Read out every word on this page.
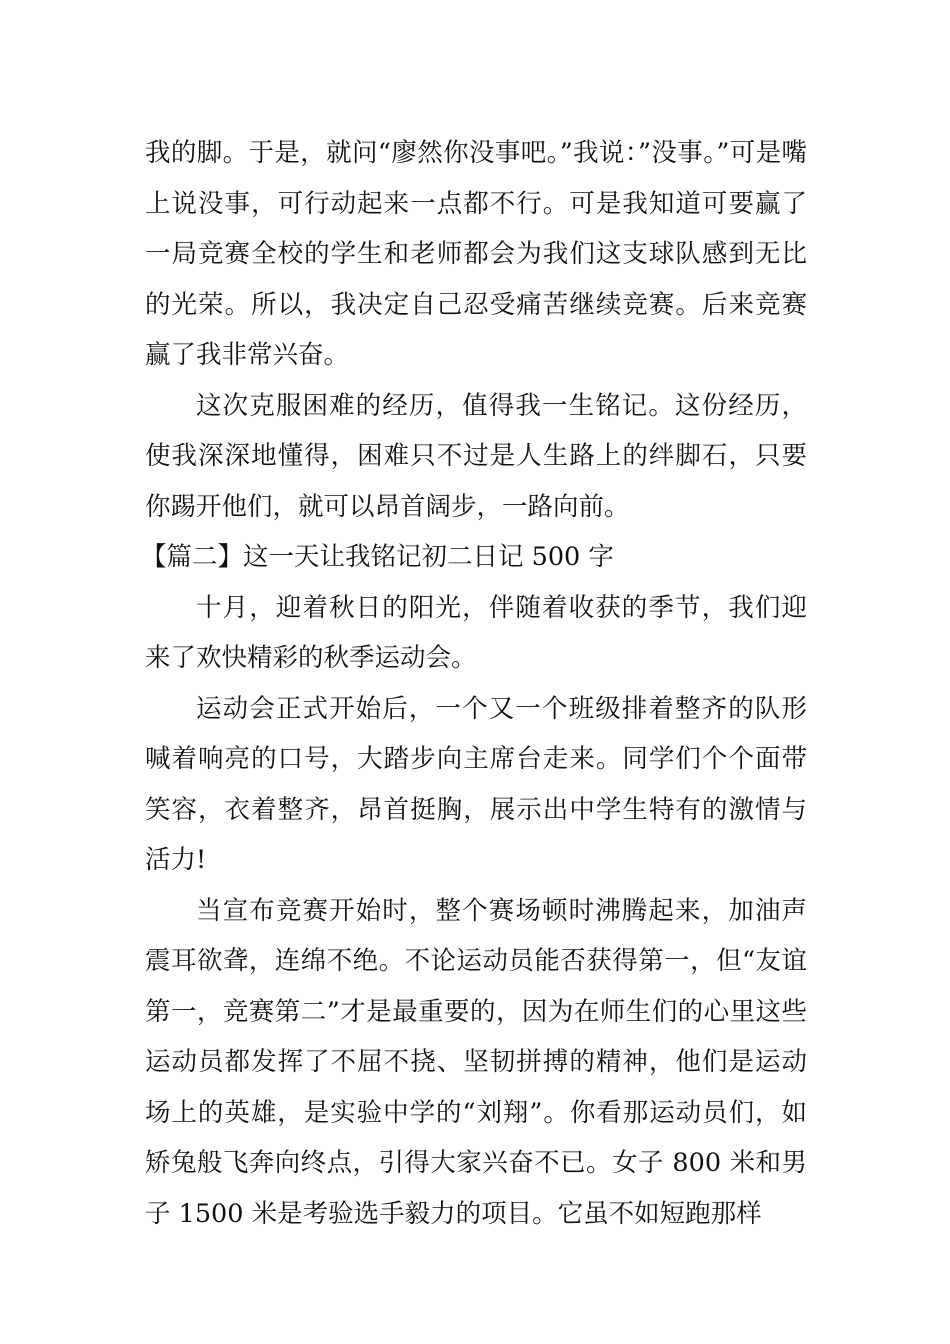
我的脚。于是，就问“廖然你没事吧。”我说：”没事。”可是嘴上说没事，可行动起来一点都不行。可是我知道可要赢了一局竞赛全校的学生和老师都会为我们这支球队感到无比的光荣。所以，我决定自己忍受痛苦继续竞赛。后来竞赛赢了我非常兴奋。

这次克服困难的经历，值得我一生铭记。这份经历，使我深深地懂得，困难只不过是人生路上的绊脚石，只要你踢开他们，就可以昂首阔步，一路向前。

【篇二】这一天让我铭记初二日记 500 字

十月，迎着秋日的阳光，伴随着收获的季节，我们迎来了欢快精彩的秋季运动会。

运动会正式开始后，一个又一个班级排着整齐的队形喊着响亮的口号，大踏步向主席台走来。同学们个个面带笑容，衣着整齐，昂首挺胸，展示出中学生特有的激情与活力!

当宣布竞赛开始时，整个赛场顿时沸腾起来，加油声震耳欲聋，连绵不绝。不论运动员能否获得第一，但“友谊第一，竞赛第二”才是最重要的，因为在师生们的心里这些运动员都发挥了不屈不挠、坚韧拼搏的精神，他们是运动场上的英雄，是实验中学的“刘翔”。你看那运动员们，如矫兔般飞奔向终点，引得大家兴奋不已。女子 800 米和男子 1500 米是考验选手毅力的项目。它虽不如短跑那样
